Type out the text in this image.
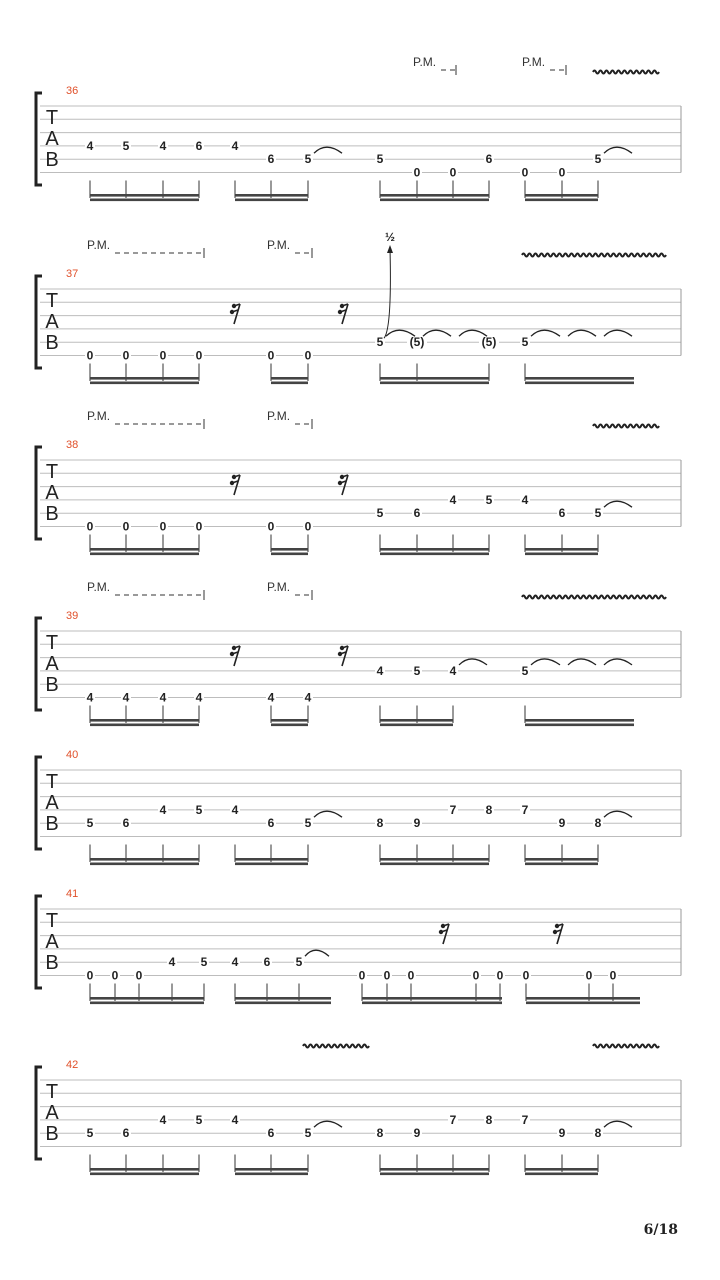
T
A
B
36
P.M.	P.M.
4 5	4 6 4
6	5	5
0 0
6
0	0
5
T
A
B
37
P.M.	P.M.
0 0	0 0	0	0
5 (5)	(5) 5
½
T
A
B
38
P.M.	P.M.
0 0	0 0	0	0
5	6
4 5 4
6 5
T
A
B
39
P.M.	P.M.
4 4	4 4	4	4
4	5 4	5
T
A
B
40
5 6
4 5 4
6	5	8	9
7 8 7
9 8
T
A
B
41
0 0 0
4 5 4 6 5
0 0 0	0 0 0	0 0
T
A
B
42
5 6
4 5 4
6	5	8	9
7 8 7
9 8
6/18
